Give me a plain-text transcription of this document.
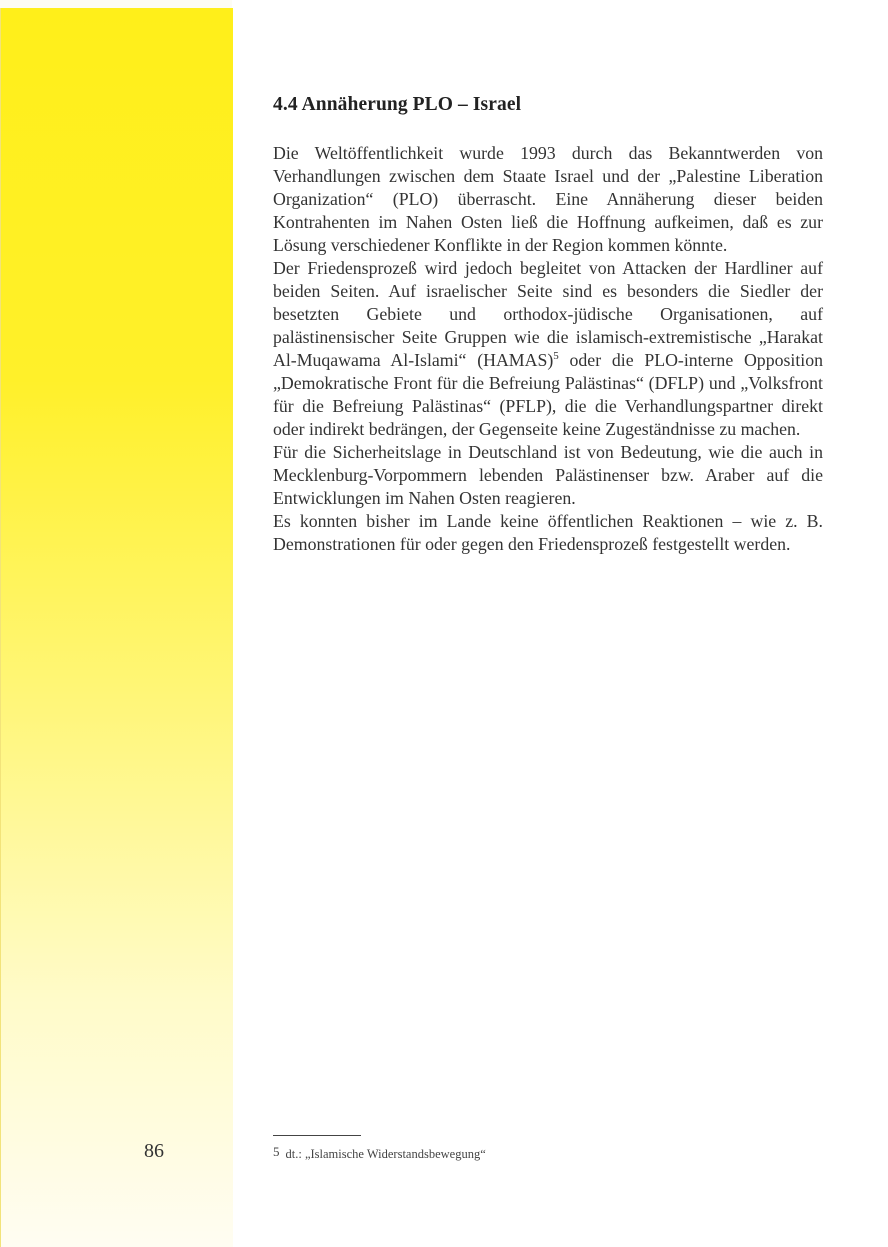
4.4 Annäherung PLO – Israel

Die Weltöffentlichkeit wurde 1993 durch das Bekanntwerden von Verhandlungen zwischen dem Staate Israel und der „Palestine Liberation Organization“ (PLO) überrascht. Eine Annäherung dieser beiden Kontrahenten im Nahen Osten ließ die Hoffnung aufkeimen, daß es zur Lösung verschiedener Konflikte in der Region kommen könnte.

Der Friedensprozeß wird jedoch begleitet von Attacken der Hardliner auf beiden Seiten. Auf israelischer Seite sind es besonders die Siedler der besetzten Gebiete und orthodox-jüdische Organisationen, auf palästinensischer Seite Gruppen wie die islamisch-extremistische „Harakat Al-Muqawama Al-Islami“ (HAMAS)$^5$ oder die PLO-interne Opposition „Demokratische Front für die Befreiung Palästinas“ (DFLP) und „Volksfront für die Befreiung Palästinas“ (PFLP), die die Verhandlungspartner direkt oder indirekt bedrängen, der Gegenseite keine Zugeständnisse zu machen.

Für die Sicherheitslage in Deutschland ist von Bedeutung, wie die auch in Mecklenburg-Vorpommern lebenden Palästinenser bzw. Araber auf die Entwicklungen im Nahen Osten reagieren.

Es konnten bisher im Lande keine öffentlichen Reaktionen – wie z. B. Demonstrationen für oder gegen den Friedensprozeß festgestellt werden.

86	5 dt.: „Islamische Widerstandsbewegung“
